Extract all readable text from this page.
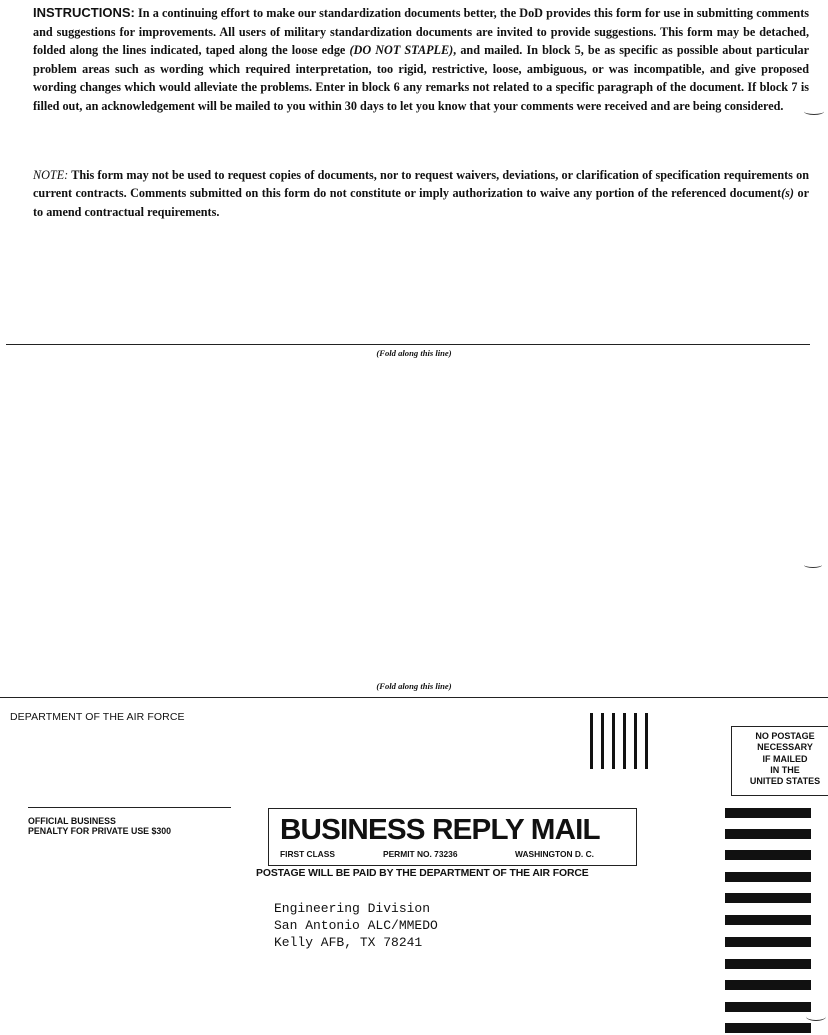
INSTRUCTIONS: In a continuing effort to make our standardization documents better, the DoD provides this form for use in submitting comments and suggestions for improvements. All users of military standardization documents are invited to provide suggestions. This form may be detached, folded along the lines indicated, taped along the loose edge (DO NOT STAPLE), and mailed. In block 5, be as specific as possible about particular problem areas such as wording which required interpretation, too rigid, restrictive, loose, ambiguous, or was incompatible, and give proposed wording changes which would alleviate the problems. Enter in block 6 any remarks not related to a specific paragraph of the document. If block 7 is filled out, an acknowledgement will be mailed to you within 30 days to let you know that your comments were received and are being considered.
NOTE: This form may not be used to request copies of documents, nor to request waivers, deviations, or clarification of specification requirements on current contracts. Comments submitted on this form do not constitute or imply authorization to waive any portion of the referenced document(s) or to amend contractual requirements.
(Fold along this line)
(Fold along this line)
DEPARTMENT OF THE AIR FORCE
NO POSTAGE
NECESSARY
IF MAILED
IN THE
UNITED STATES
OFFICIAL BUSINESS
PENALTY FOR PRIVATE USE $300	BUSINESS REPLY MAIL
FIRST CLASS	PERMIT NO. 73236	WASHINGTON D. C.
POSTAGE WILL BE PAID BY THE DEPARTMENT OF THE AIR FORCE
Engineering Division
San Antonio ALC/MMEDO
Kelly AFB, TX 78241
